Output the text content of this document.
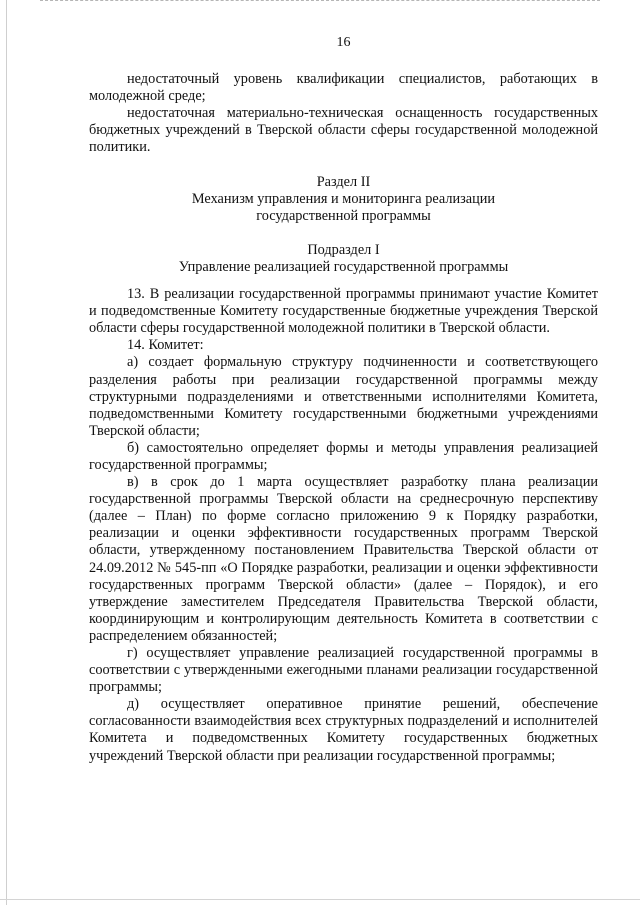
16

недостаточный уровень квалификации специалистов, работающих в молодежной среде;

недостаточная материально-техническая оснащенность государственных бюджетных учреждений в Тверской области сферы государственной молодежной политики.

Раздел II
Механизм управления и мониторинга реализации
государственной программы
Подраздел I
Управление реализацией государственной программы

13. В реализации государственной программы принимают участие Комитет и подведомственные Комитету государственные бюджетные учреждения Тверской области сферы государственной молодежной политики в Тверской области.

14. Комитет:

а) создает формальную структуру подчиненности и соответствующего разделения работы при реализации государственной программы между структурными подразделениями и ответственными исполнителями Комитета, подведомственными Комитету государственными бюджетными учреждениями Тверской области;

б) самостоятельно определяет формы и методы управления реализацией государственной программы;

в) в срок до 1 марта осуществляет разработку плана реализации государственной программы Тверской области на среднесрочную перспективу (далее – План) по форме согласно приложению 9 к Порядку разработки, реализации и оценки эффективности государственных программ Тверской области, утвержденному постановлением Правительства Тверской области от 24.09.2012 № 545-пп «О Порядке разработки, реализации и оценки эффективности государственных программ Тверской области» (далее – Порядок), и его утверждение заместителем Председателя Правительства Тверской области, координирующим и контролирующим деятельность Комитета в соответствии с распределением обязанностей;

г) осуществляет управление реализацией государственной программы в соответствии с утвержденными ежегодными планами реализации государственной программы;

д) осуществляет оперативное принятие решений, обеспечение согласованности взаимодействия всех структурных подразделений и исполнителей Комитета и подведомственных Комитету государственных бюджетных учреждений Тверской области при реализации государственной программы;
